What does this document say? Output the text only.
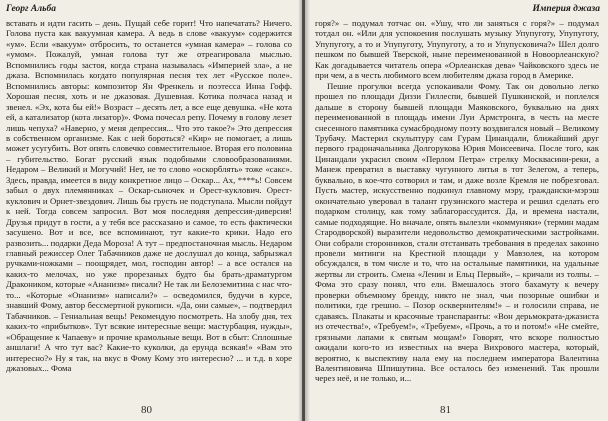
Георг Альба

вставать и идти гасить – день. Пущай себе горит! Что напечатать? Ничего. Голова пуста как вакуумная камера. А ведь в слове «вакуум» содержится «ум». Если «вакуум» отбросить, то останется «умная камера» – голова со «умом». Пожалуй, умная голова тут же отреагировала мыслью. Вспомнились годы застоя, когда страна называлась «Империей зла», а не джаза. Вспомнилась когдато популярная песня тех лет «Русское поле». Вспомнились авторы: композитор Ян Френкель и поэтесса Инна Гофф. Хорошая песня, хоть и не джазовая. Душевная. Котика полчаса назад и звенел. «Эх, кота бы ей!» Возраст – десять лет, а все еще девушка. «Не кота ей, а катализатор (кота лизатор)». Фома почесал репу. Почему в голову лезет лишь чепуха? «Наверно, у меня депрессия... Что это такое?» Это депрессия в собственном организме. Как с ней бороться? «Кир» не помогает, а лишь может усугубить. Вот опять словечко совместительное. Вторая его половина – губительство. Богат русский язык подобными словообразованиями. Недаром – Великий и Могучий! Нет, не то слово «оскорблять» тоже «сакс». Здесь, правда, имеется в виду конкретное лицо – Оскар... Ах, ****ь! Совсем забыл о двух племянниках – Оскар-сыночек и Орест-куклович. Орест-куклович и Орнет-звездович. Лишь бы грусть не подступала. Мысли пойдут к ней. Тогда совсем запросил. Вот моя последняя депрессия-диверсия! Друзья придут в гости, а у тебя все рассказано и самое, то есть фактически засушено. Вот и все, все вспоминают, тут какие-то крики. Надо его развозить... подарки Деда Мороза! А тут – предпостаночная мысль. Недаром главный режиссер Олег Табачников даже не дослушал до конца, забрызжал ручками-ножками – поощрядет, мол, господин автор! – а все остался на каких-то мелочах, но уже прорезаных будто бы брать-драматургом Дракоником, которые «Ананизм» писали? Не так ли Белоземитина с нас что-то... «Которые «Онанизм» написали?» – осведомился, будучи в курсе, знавший Фому, автор бессмертной рукописи. «Да, они самые», – подтвердил Табачников. – Гениальная вещь! Рекомендую посмотреть. На злобу дня, тех каких-то «прибытков». Тут всякие интересные вещи: мастурбация, нужды», «Обращение к Чапаеву» и прочие крамольные вещи. Вот в сбыт: Сплошные аншлаги! А что тут вас? Какие-то куколки, да ерунда всякая!» «Вам это интересно?» Ну я так, на вкус в Фому Кому это интересно? ... и т.д. в хоре джазовых... Фома

80
Империя джаза

горя?» – подумал тотчас он. «Ушу, что ли заняться с горя?» – подумал тотдал он. «Или для успокоения послушать музыку Упупуготу, Упупуготу, Упупуготу, а то и Упупуготу, Упупуготу, а то и Упупусковича?» Шел долго пешком по бывшей Тверской, ныне переименованной в Новоорлеанскую? Как догадывается читатель опера «Орлеанская дева» Чайковского здесь не при чем, а в честь любимого всем любителям джаза город в Америке.

Пешие прогулки всегда успокаивали Фому. Так он довольно легко прошел по площади Диззи Гиллеспи, бывшей Пушкинской, и поплелся дальше в сторону бывшей площади Маяковского, буквально на днях переименованной в площадь имени Луи Армстронга, в честь на месте снесенного памятника сумасбродному поэту воздвигался новый – Великому Трубачу. Мастерил скульптуру сам Гурам Цинандали, ближайший друг первого градоначальника Долгорукова Юрия Моисеевича. После того, как Цинандали украсил своим «Перлом Петра» стрелку Москвасини-реки, а Манеж превратил в выставку чугунного литья в тот Зелегом, а теперь, буквально, в кое-что сотворил и там, и даже возле Кремля не побрезговал. Пусть мастер, искусственно подкинул главному мэру, граждански-мэрэш окончательно уверовал в талант грузинского мастера и решил сделать его подарком столицу, как тому заблагорассудится. Да, и времена настали, самые подходящие. Но вначале, опять вылезли «коммуняки» (термин мадам Стародворской) выразители недовольство демократическими застройками. Они собрали сторонников, стали отстаивать требования в пределах законно провели митинги на Крестной площади у Мавзолея, на котором обсуждался, в том числе и то, что на остальные памятники, на удальные жертвы ли строить. Смена «Ленин и Ельц Первый», – кричали из толпы. – Фома это сразу понял, что ели. Вмешалось этого бахамуту к вечеру проверки объемному бренду, никто не знал, чьи позорные ошибки и политики, где грешно. – Позор осквернителям!» – и голосили справа, не сдаваясь. Плакаты и красочные транспаранты: «Вон дерьмократа-джазиста из отечества!», «Требуем!», «Требуем», «Прочь, а то и потом!» «Не смейте, грязными лапами к святым мощам!» Говорят, что вскоре полностью ожидали кого-то из известных на вчера Вихрового мастера, который, вероятно, к выспективу нала ему на последнем императора Валентина Валентиновича Шпишутина. Все осталось без изменений. Так прошли через неё, и не только, и...

81
